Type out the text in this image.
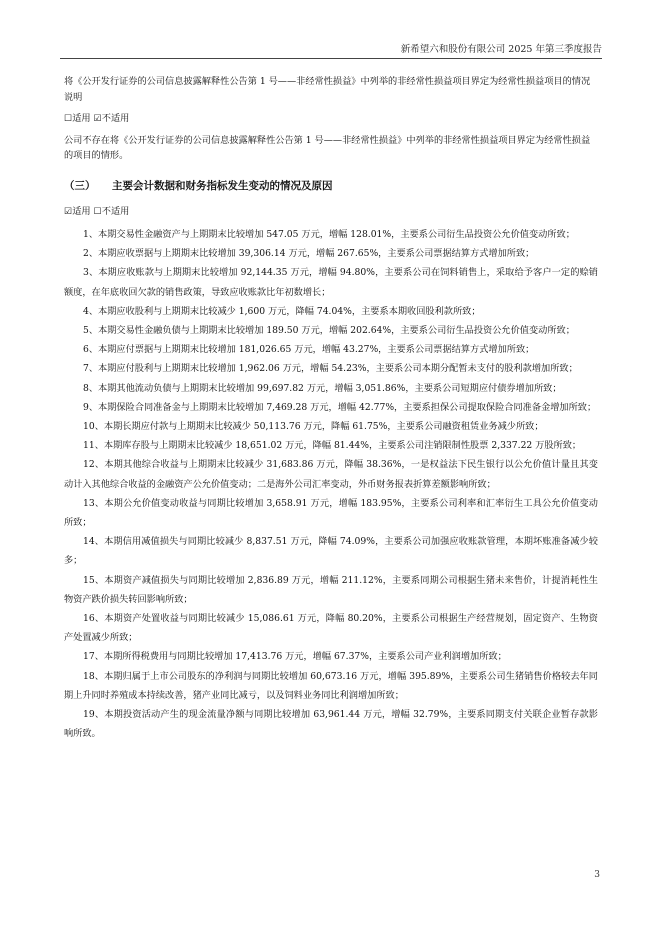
新希望六和股份有限公司 2025 年第三季度报告

将《公开发行证券的公司信息披露解释性公告第 1 号——非经常性损益》中列举的非经常性损益项目界定为经常性损益项目的情况说明

☐适用 ☑不适用

公司不存在将《公开发行证券的公司信息披露解释性公告第 1 号——非经常性损益》中列举的非经常性损益项目界定为经常性损益的项目的情形。

（三） 主要会计数据和财务指标发生变动的情况及原因

☑适用 ☐不适用

1、本期交易性金融资产与上期期末比较增加 547.05 万元，增幅 128.01%，主要系公司衍生品投资公允价值变动所致；

2、本期应收票据与上期期末比较增加 39,306.14 万元，增幅 267.65%，主要系公司票据结算方式增加所致；

3、本期应收账款与上期期末比较增加 92,144.35 万元，增幅 94.80%，主要系公司在饲料销售上，采取给予客户一定的赊销额度，在年底收回欠款的销售政策，导致应收账款比年初数增长；

4、本期应收股利与上期期末比较减少 1,600 万元，降幅 74.04%，主要系本期收回股利款所致；

5、本期交易性金融负债与上期期末比较增加 189.50 万元，增幅 202.64%，主要系公司衍生品投资公允价值变动所致；

6、本期应付票据与上期期末比较增加 181,026.65 万元，增幅 43.27%，主要系公司票据结算方式增加所致；

7、本期应付股利与上期期末比较增加 1,962.06 万元，增幅 54.23%，主要系公司本期分配暂未支付的股利款增加所致；

8、本期其他流动负债与上期期末比较增加 99,697.82 万元，增幅 3,051.86%，主要系公司短期应付债券增加所致；

9、本期保险合同准备金与上期期末比较增加 7,469.28 万元，增幅 42.77%，主要系担保公司提取保险合同准备金增加所致；

10、本期长期应付款与上期期末比较减少 50,113.76 万元，降幅 61.75%，主要系公司融资租赁业务减少所致；

11、本期库存股与上期期末比较减少 18,651.02 万元，降幅 81.44%，主要系公司注销限制性股票 2,337.22 万股所致；

12、本期其他综合收益与上期期末比较减少 31,683.86 万元，降幅 38.36%，一是权益法下民生银行以公允价值计量且其变动计入其他综合收益的金融资产公允价值变动；二是海外公司汇率变动，外币财务报表折算差额影响所致；

13、本期公允价值变动收益与同期比较增加 3,658.91 万元，增幅 183.95%，主要系公司利率和汇率衍生工具公允价值变动所致；

14、本期信用减值损失与同期比较减少 8,837.51 万元，降幅 74.09%，主要系公司加强应收账款管理，本期坏账准备减少较多；

15、本期资产减值损失与同期比较增加 2,836.89 万元，增幅 211.12%，主要系同期公司根据生猪未来售价，计提消耗性生物资产跌价损失转回影响所致；

16、本期资产处置收益与同期比较减少 15,086.61 万元，降幅 80.20%，主要系公司根据生产经营规划，固定资产、生物资产处置减少所致；

17、本期所得税费用与同期比较增加 17,413.76 万元，增幅 67.37%，主要系公司产业利润增加所致；

18、本期归属于上市公司股东的净利润与同期比较增加 60,673.16 万元，增幅 395.89%，主要系公司生猪销售价格较去年同期上升同时养殖成本持续改善，猪产业同比减亏，以及饲料业务同比利润增加所致；

19、本期投资活动产生的现金流量净额与同期比较增加 63,961.44 万元，增幅 32.79%，主要系同期支付关联企业暂存款影响所致。

3
